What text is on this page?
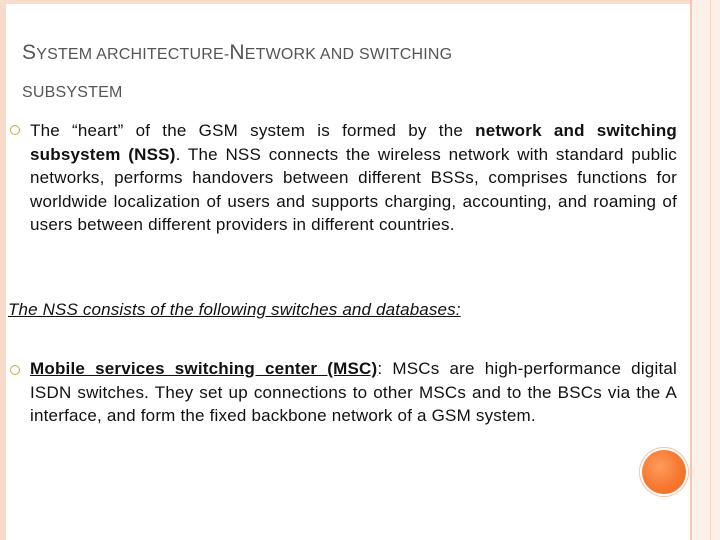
SYSTEM ARCHITECTURE-NETWORK AND SWITCHING
SUBSYSTEM
The “heart” of the GSM system is formed by the network and switching subsystem (NSS). The NSS connects the wireless network with standard public networks, performs handovers between different BSSs, comprises functions for worldwide localization of users and supports charging, accounting, and roaming of users between different providers in different countries.
The NSS consists of the following switches and databases:
Mobile services switching center (MSC): MSCs are high-performance digital ISDN switches. They set up connections to other MSCs and to the BSCs via the A interface, and form the fixed backbone network of a GSM system.
